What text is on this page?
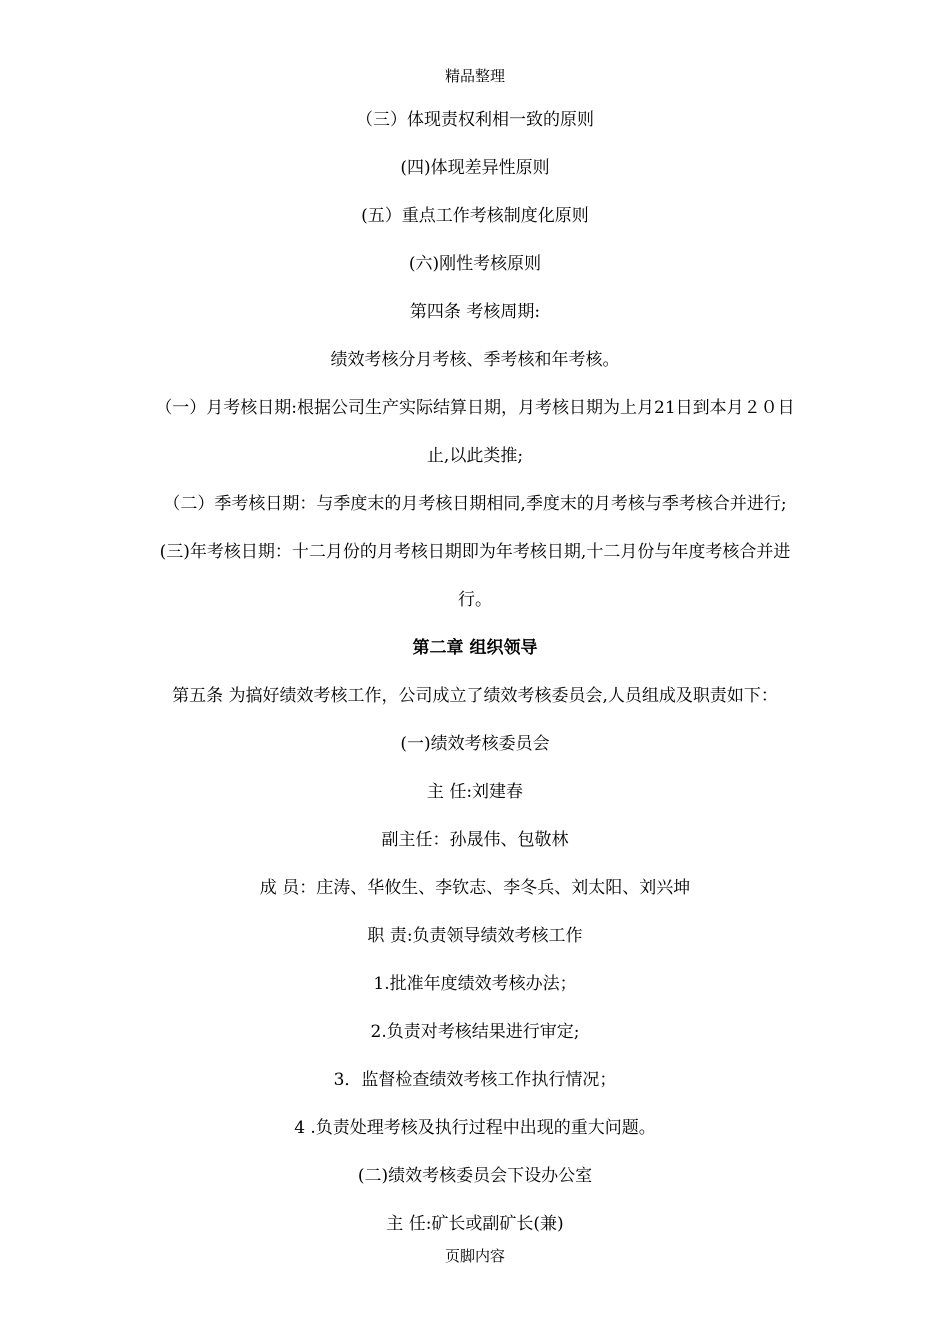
精品整理
（三）体现责权利相一致的原则
(四)体现差异性原则
(五）重点工作考核制度化原则
(六)刚性考核原则
第四条 考核周期:
绩效考核分月考核、季考核和年考核。
（一）月考核日期:根据公司生产实际结算日期，月考核日期为上月21日到本月２０日
止,以此类推;
（二）季考核日期：与季度末的月考核日期相同,季度末的月考核与季考核合并进行;
(三)年考核日期：十二月份的月考核日期即为年考核日期,十二月份与年度考核合并进
行。
第二章 组织领导
第五条 为搞好绩效考核工作，公司成立了绩效考核委员会,人员组成及职责如下：
(一)绩效考核委员会
主 任:刘建春
副主任：孙晟伟、包敬林
成 员：庄涛、华攸生、李钦志、李冬兵、刘太阳、刘兴坤
职 责:负责领导绩效考核工作
1.批准年度绩效考核办法；
2.负责对考核结果进行审定;
3．监督检查绩效考核工作执行情况；
4 .负责处理考核及执行过程中出现的重大问题。
(二)绩效考核委员会下设办公室
主 任:矿长或副矿长(兼)
页脚内容
